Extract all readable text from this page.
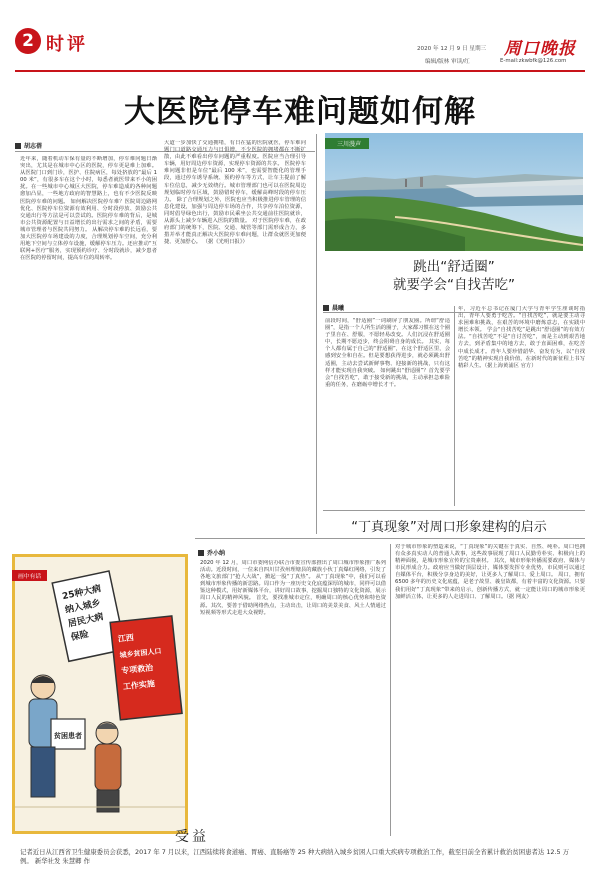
2 时评	2020 年 12 月 9 日 星期三
编辑/版林 审读/红
周口晚报
E-mail:zkwbfk@126.com
大医院停车难问题如何解
胡志蓓
近年来，随着机动车保有量的不断增加，停车难问题日渐突出，尤其是在城市中心区的医院，停车更是难上加难。从医院门口到门诊，医护、住院病区，每处挤放的“最后 100 米”，有很多车在这个小时，每悉者就医带来不小的困扰。在一些城市中心城区大医院，停车难造成的各种问题愈加凸显，一些地方政府的智慧路上，也有不少医院反映医院停车难的问题。 如何解决医院停车难？医院周边路网优化、医院停车位资源有效利用、分时段停放、鼓励公共交通出行等方法是可以尝试的。医院停车难的背后，是城市公共资源配置与日益增长的出行需求之间的矛盾，需要城市管理者与医院共同努力。 从解决停车难的长远看，要加大医院停车场建设的力度，合理规划停车空间，充分利用地下空间与立体停车设施，缓解停车压力。还应推动“互联网+医疗”服务，实现预约诊疗、分时段就诊，减少患者在医院的停留时间，提高车位的周转率。
大道一步加快了交通拥堵，有日在猛的医院就医，停车难问题门口道路交通压力与日俱增，不少医院的拥堵都在不断扩散，由此不难看出停车问题的严重程度。医院应当合理引导车辆，用好周边停车资源，实现停车资源的共享。 医院停车难问题非但是车位“最后 100 米”，也需要智能化的管理手段，通过停车诱导系统、预约停车等方式，让车主提前了解车位信息，减少无效绕行。城市管理部门也可以在医院周边规划临时停车区域，鼓励错时停车，缓解高峰时段的停车压力。 除了合理规划之外，医院也应当积极推进停车管理的信息化建设，加强与周边停车场的合作，共享停车泊位资源，同时倡导绿色出行，鼓励市民乘坐公共交通前往医院就诊，从源头上减少车辆进入医院的数量。 对于医院停车难，在政府部门的统筹下，医院、交通、城管等部门需形成合力，多措并举才能真正解决大医院停车难问题，让群众就医更加便捷、更加舒心。 （据《光明日报》）
三川漫声
跳出“舒适圈”
就要学会“自找苦吃”
晨曦
前段时间，“舒适圈”一词刷屏了朋友圈。所谓“舒适圈”，是指一个人所生活的圈子，大家都习惯在这个圈子里自在、舒服，不愿轻易改变。人们沉浸在舒适圈中，长期不愿迈步，终会阻碍自身的成长。 其实，每个人都有属于自己的“舒适圈”，在这个舒适区里，会感到安全和自在。但是要想获得进步，就必须跳出舒适圈，主动去尝试新鲜事物、迎接新的挑战，只有这样才能实现自我突破。 如何跳出“舒适圈”？首先要学会“自找苦吃”，敢于接受新的挑战，主动承担急难险重的任务，在磨砺中增长才干。
年，习近平总书记在厦门大学与青年学生座谈时指出，青年人要勇于吃苦。“自找苦吃”，就是要主动寻求困难和挑战，在艰苦的环境中磨炼意志，在实践中增长本领。 学会“自找苦吃”是跳出“舒适圈”的有效方法。“自找苦吃”不是“自讨苦吃”，而是主动到艰苦地方去，到矛盾集中的地方去，敢于直面困难，在吃苦中成长成才。青年人要珍惜韶华、奋发有为，以“自找苦吃”的精神实现自我价值，在新时代的新征程上书写精彩人生。（据上海黄浦区 官方）
“丁真现象”对周口形象建构的启示
乔小纳
2020 年 12 月，周口市委网信办联合市委宣传部推出了周口城市形象推广系列活动。近段时间，一位来自四川甘孜州理塘县的藏族小伙丁真爆红网络，引发了各地文旅部门“抢人大战”，掀起一股“丁真热”。 从“丁真现象”中，我们可以看到城市形象传播的新思路。周口作为一座历史文化底蕴深厚的城市，同样可以借鉴这种模式，用好新媒体平台，讲好周口故事，挖掘周口独特的文化资源，展示周口人民的精神风貌。 首先，要找准城市定位，明确周口的核心优势和特色资源。其次，要善于借助网络热点，主动出击，让周口的美景美食、风土人情通过短视频等形式走进大众视野。
对于城市形象的塑造来说，“丁真现象”的关键在于真实、自然、纯朴。周口也拥有众多真实动人的普通人故事，这些故事展现了周口人民勤劳朴实、积极向上的精神面貌，是城市形象宣传的宝贵素材。 其次，城市形象传播需要政府、媒体与市民形成合力。政府应当做好顶层设计，媒体要发挥专业优势，市民则可以通过自媒体平台，积极分享身边的美好，让更多人了解周口、爱上周口。 周口，拥有 6500 多年的历史文化底蕴，是老子故里、羲皇故都，有着丰富的文化资源。只要我们用好“丁真现象”带来的启示，创新传播方式，就一定能让周口的城市形象更加鲜活立体，让更多的人走进周口、了解周口。（据 网友）
25种大病
纳入城乡
居民大病
保险	江西
城乡贫困人口
专项救治
工作实施
贫困患者
画中有话
受益
记者近日从江西省卫生健康委员会获悉，2017 年 7 月以来，江西陆续将食道癌、胃癌、直肠癌等 25 种大病纳入城乡贫困人口重大疾病专项救治工作，截至目前全省累计救治贫困患者达 12.5 万例。 新华社发 朱慧卿 作
